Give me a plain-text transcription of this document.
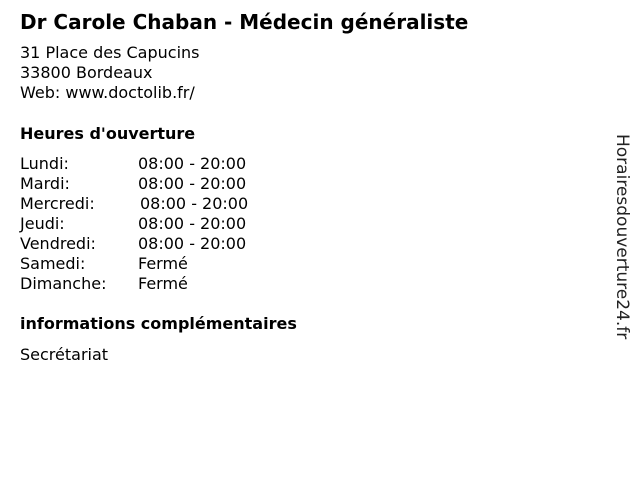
Dr Carole Chaban - Médecin généraliste
31 Place des Capucins
33800 Bordeaux
Web: www.doctolib.fr/
Heures d'ouverture
Lundi:	08:00 - 20:00
Mardi:	08:00 - 20:00
Mercredi:	08:00 - 20:00
Jeudi:	08:00 - 20:00
Vendredi:	08:00 - 20:00
Samedi:	Fermé
Dimanche: Fermé
informations complémentaires
Secrétariat
Horairesdouverture24.fr
